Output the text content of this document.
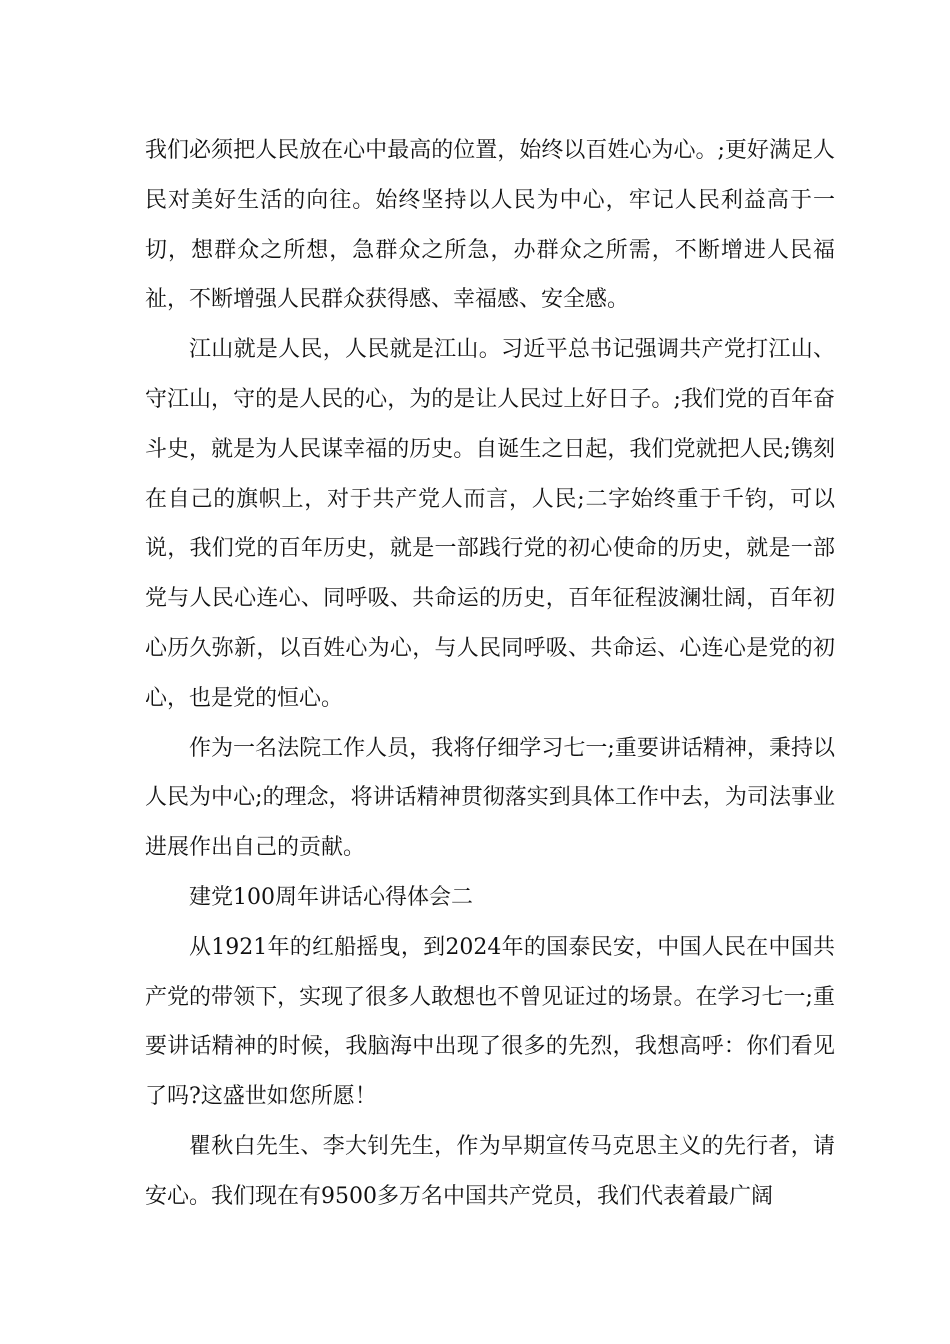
我们必须把人民放在心中最高的位置，始终以百姓心为心。;更好满足人民对美好生活的向往。始终坚持以人民为中心，牢记人民利益高于一切，想群众之所想，急群众之所急，办群众之所需，不断增进人民福祉，不断增强人民群众获得感、幸福感、安全感。

江山就是人民，人民就是江山。习近平总书记强调共产党打江山、守江山，守的是人民的心，为的是让人民过上好日子。;我们党的百年奋斗史，就是为人民谋幸福的历史。自诞生之日起，我们党就把人民;镌刻在自己的旗帜上，对于共产党人而言，人民;二字始终重于千钧，可以说，我们党的百年历史，就是一部践行党的初心使命的历史，就是一部党与人民心连心、同呼吸、共命运的历史，百年征程波澜壮阔，百年初心历久弥新，以百姓心为心，与人民同呼吸、共命运、心连心是党的初心，也是党的恒心。

作为一名法院工作人员，我将仔细学习七一;重要讲话精神，秉持以人民为中心;的理念，将讲话精神贯彻落实到具体工作中去，为司法事业进展作出自己的贡献。

建党100周年讲话心得体会二

从1921年的红船摇曳，到2024年的国泰民安，中国人民在中国共产党的带领下，实现了很多人敢想也不曾见证过的场景。在学习七一;重要讲话精神的时候，我脑海中出现了很多的先烈，我想高呼：你们看见了吗?这盛世如您所愿！

瞿秋白先生、李大钊先生，作为早期宣传马克思主义的先行者，请安心。我们现在有9500多万名中国共产党员，我们代表着最广阔
